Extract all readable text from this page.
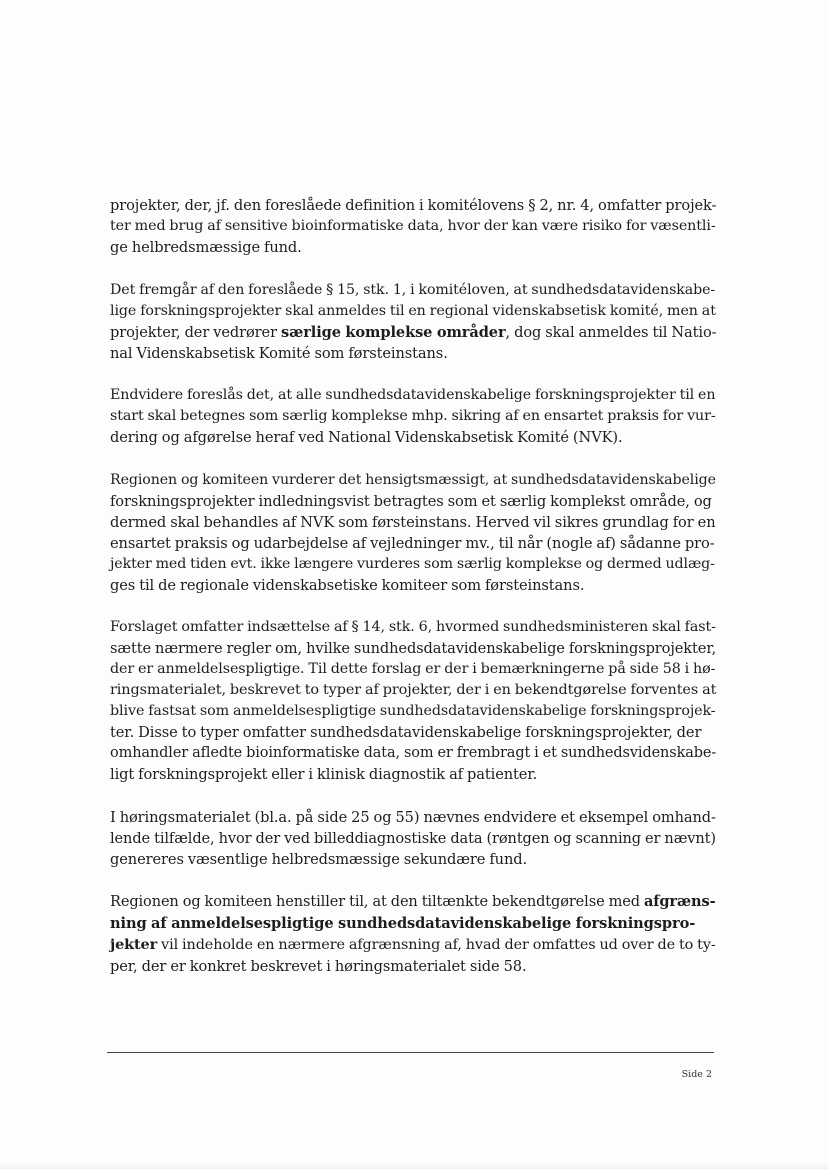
projekter, der, jf. den foreslåede definition i komitélovens § 2, nr. 4, omfatter projek-
ter med brug af sensitive bioinformatiske data, hvor der kan være risiko for væsentli-
ge helbredsmæssige fund.

Det fremgår af den foreslåede § 15, stk. 1, i komitéloven, at sundhedsdatavidenskabe-
lige forskningsprojekter skal anmeldes til en regional videnskabsetisk komité, men at
projekter, der vedrører særlige komplekse områder, dog skal anmeldes til Natio-
nal Videnskabsetisk Komité som førsteinstans.

Endvidere foreslås det, at alle sundhedsdatavidenskabelige forskningsprojekter til en
start skal betegnes som særlig komplekse mhp. sikring af en ensartet praksis for vur-
dering og afgørelse heraf ved National Videnskabsetisk Komité (NVK).

Regionen og komiteen vurderer det hensigtsmæssigt, at sundhedsdatavidenskabelige
forskningsprojekter indledningsvist betragtes som et særlig komplekst område, og
dermed skal behandles af NVK som førsteinstans. Herved vil sikres grundlag for en
ensartet praksis og udarbejdelse af vejledninger mv., til når (nogle af) sådanne pro-
jekter med tiden evt. ikke længere vurderes som særlig komplekse og dermed udlæg-
ges til de regionale videnskabsetiske komiteer som førsteinstans.

Forslaget omfatter indsættelse af § 14, stk. 6, hvormed sundhedsministeren skal fast-
sætte nærmere regler om, hvilke sundhedsdatavidenskabelige forskningsprojekter,
der er anmeldelsespligtige. Til dette forslag er der i bemærkningerne på side 58 i hø-
ringsmaterialet, beskrevet to typer af projekter, der i en bekendtgørelse forventes at
blive fastsat som anmeldelsespligtige sundhedsdatavidenskabelige forskningsprojek-
ter. Disse to typer omfatter sundhedsdatavidenskabelige forskningsprojekter, der
omhandler afledte bioinformatiske data, som er frembragt i et sundhedsvidenskabe-
ligt forskningsprojekt eller i klinisk diagnostik af patienter.

I høringsmaterialet (bl.a. på side 25 og 55) nævnes endvidere et eksempel omhand-
lende tilfælde, hvor der ved billeddiagnostiske data (røntgen og scanning er nævnt)
genereres væsentlige helbredsmæssige sekundære fund.

Regionen og komiteen henstiller til, at den tiltænkte bekendtgørelse med afgræns-
ning af anmeldelsespligtige sundhedsdatavidenskabelige forskningspro-
jekter vil indeholde en nærmere afgrænsning af, hvad der omfattes ud over de to ty-
per, der er konkret beskrevet i høringsmaterialet side 58.

Side 2
